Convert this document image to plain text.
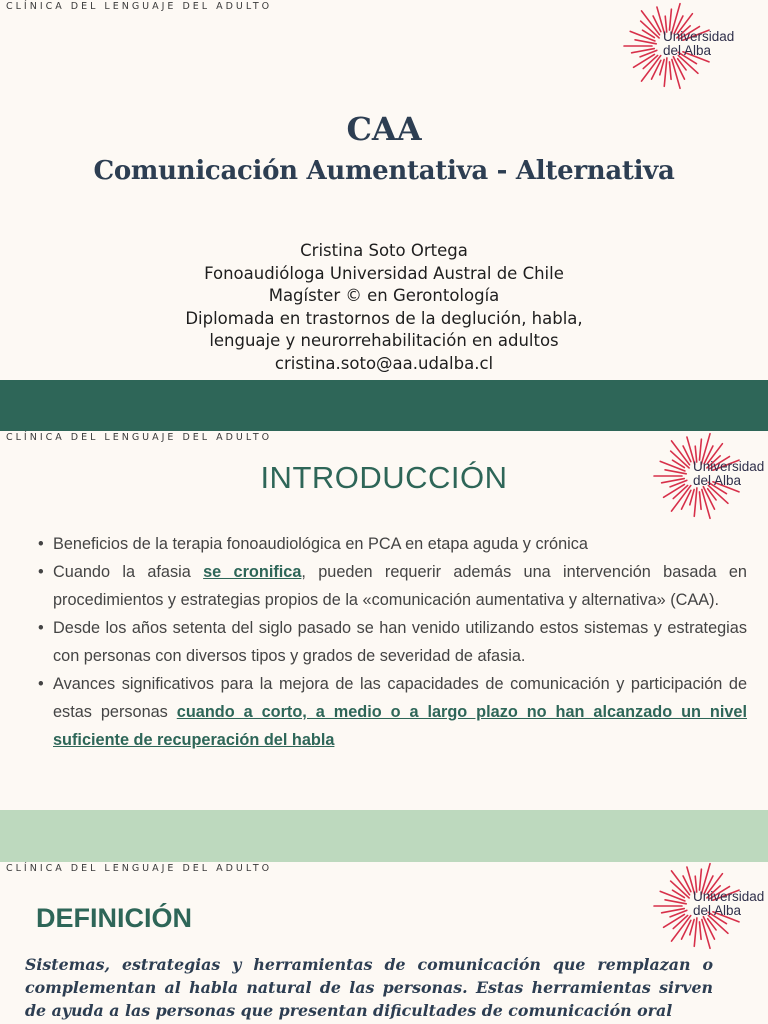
CLÍNICA DEL LENGUAJE DEL ADULTO
Universidad
del Alba
CAA
Comunicación Aumentativa - Alternativa
Cristina Soto Ortega
Fonoaudióloga Universidad Austral de Chile
Magíster © en Gerontología
Diplomada en trastornos de la deglución, habla,
lenguaje y neurorrehabilitación en adultos
cristina.soto@aa.udalba.cl
CLÍNICA DEL LENGUAJE DEL ADULTO
Universidad
del Alba
INTRODUCCIÓN
• Beneficios de la terapia fonoaudiológica en PCA en etapa aguda y crónica
• Cuando la afasia se cronifica, pueden requerir además una intervención basada en procedimientos y estrategias propios de la «comunicación aumentativa y alternativa» (CAA).
• Desde los años setenta del siglo pasado se han venido utilizando estos sistemas y estrategias con personas con diversos tipos y grados de severidad de afasia.
• Avances significativos para la mejora de las capacidades de comunicación y participación de estas personas cuando a corto, a medio o a largo plazo no han alcanzado un nivel suficiente de recuperación del habla
CLÍNICA DEL LENGUAJE DEL ADULTO
Universidad
del Alba
DEFINICIÓN
Sistemas, estrategias y herramientas de comunicación que remplazan o complementan al habla natural de las personas. Estas herramientas sirven de ayuda a las personas que presentan dificultades de comunicación oral
